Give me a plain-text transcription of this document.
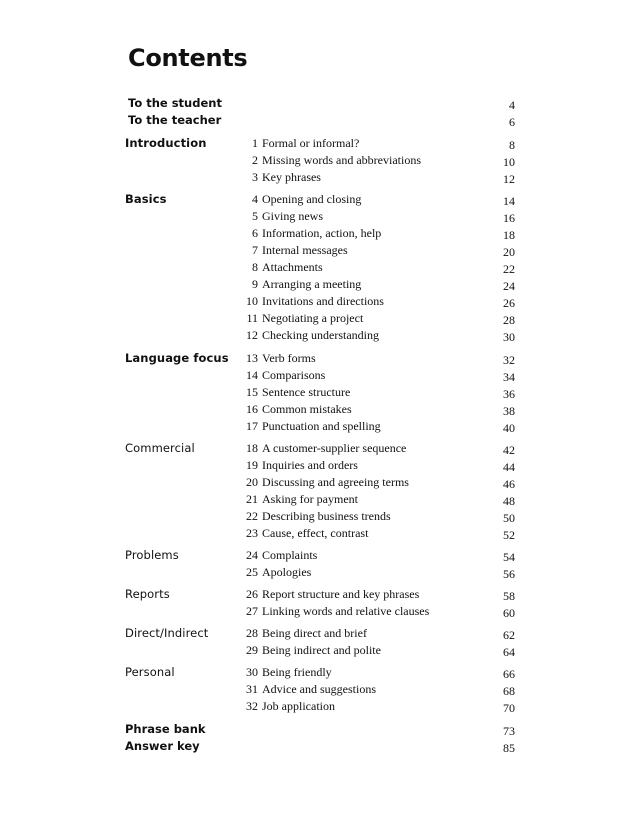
Contents
To the student	4
To the teacher	6
Introduction	1 Formal or informal?	8
2 Missing words and abbreviations	10
3 Key phrases	12
Basics	4 Opening and closing	14
5 Giving news	16
6 Information, action, help	18
7 Internal messages	20
8 Attachments	22
9 Arranging a meeting	24
10 Invitations and directions	26
11 Negotiating a project	28
12 Checking understanding	30
Language focus	13 Verb forms	32
14 Comparisons	34
15 Sentence structure	36
16 Common mistakes	38
17 Punctuation and spelling	40
Commercial	18 A customer-supplier sequence	42
19 Inquiries and orders	44
20 Discussing and agreeing terms	46
21 Asking for payment	48
22 Describing business trends	50
23 Cause, effect, contrast	52
Problems	24 Complaints	54
25 Apologies	56
Reports	26 Report structure and key phrases	58
27 Linking words and relative clauses	60
Direct/Indirect	28 Being direct and brief	62
29 Being indirect and polite	64
Personal	30 Being friendly	66
31 Advice and suggestions	68
32 Job application	70
Phrase bank	73
Answer key	85
